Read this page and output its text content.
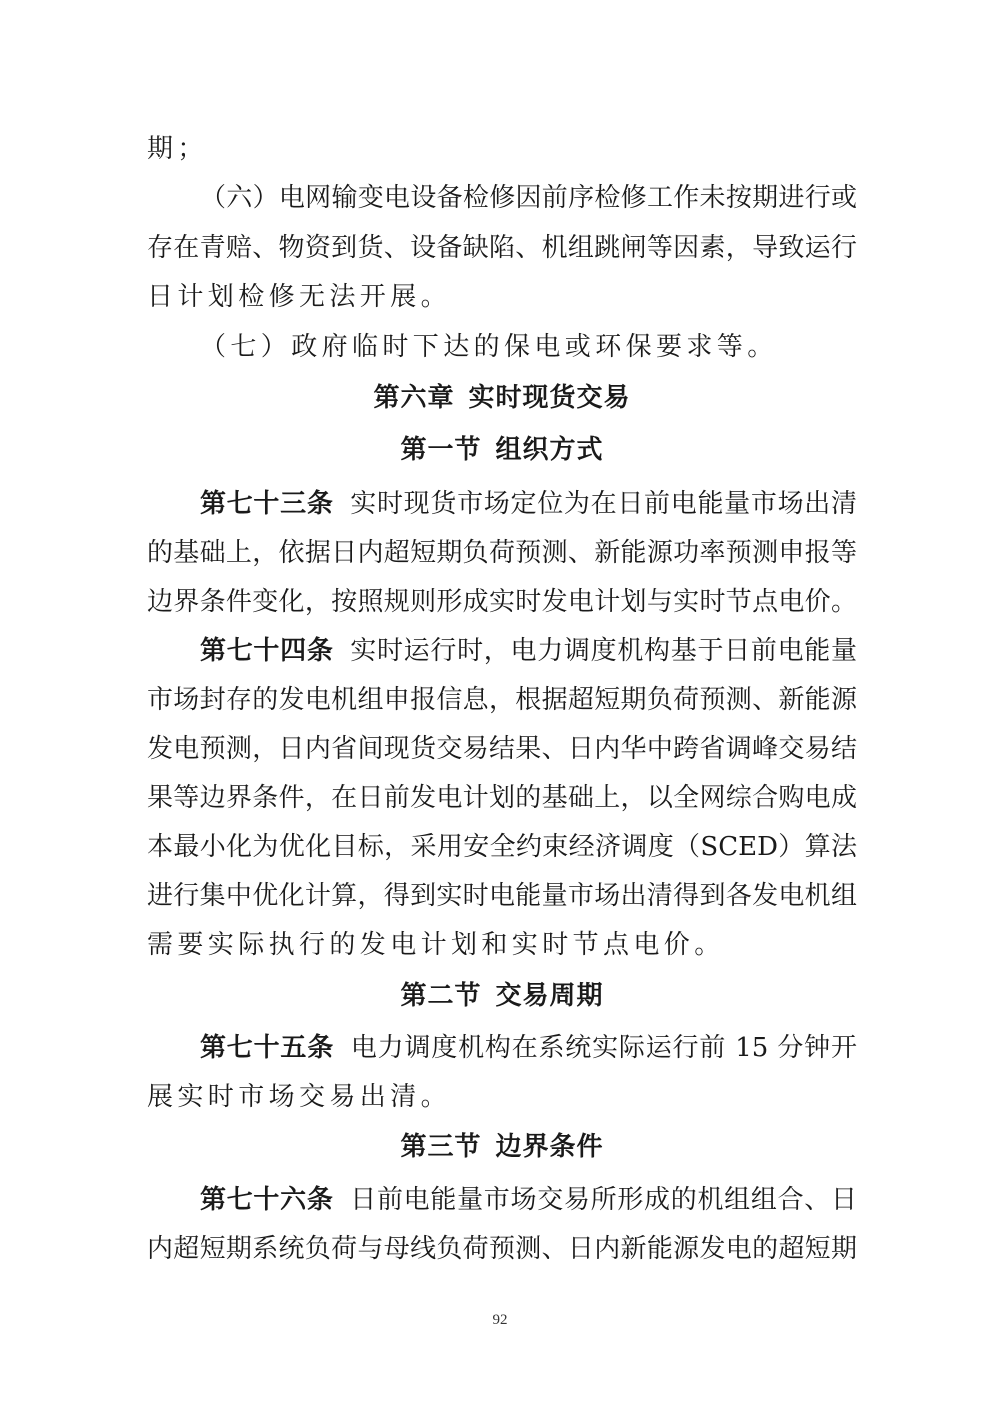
期；
（六）电网输变电设备检修因前序检修工作未按期进行或
存在青赔、物资到货、设备缺陷、机组跳闸等因素，导致运行
日计划检修无法开展。
（七）政府临时下达的保电或环保要求等。
第六章 实时现货交易
第一节 组织方式
第七十三条 实时现货市场定位为在日前电能量市场出清
的基础上，依据日内超短期负荷预测、新能源功率预测申报等
边界条件变化，按照规则形成实时发电计划与实时节点电价。
第七十四条 实时运行时，电力调度机构基于日前电能量
市场封存的发电机组申报信息，根据超短期负荷预测、新能源
发电预测，日内省间现货交易结果、日内华中跨省调峰交易结
果等边界条件，在日前发电计划的基础上，以全网综合购电成
本最小化为优化目标，采用安全约束经济调度（SCED）算法
进行集中优化计算，得到实时电能量市场出清得到各发电机组
需要实际执行的发电计划和实时节点电价。
第二节 交易周期
第七十五条 电力调度机构在系统实际运行前 15 分钟开
展实时市场交易出清。
第三节 边界条件
第七十六条 日前电能量市场交易所形成的机组组合、日
内超短期系统负荷与母线负荷预测、日内新能源发电的超短期
92
